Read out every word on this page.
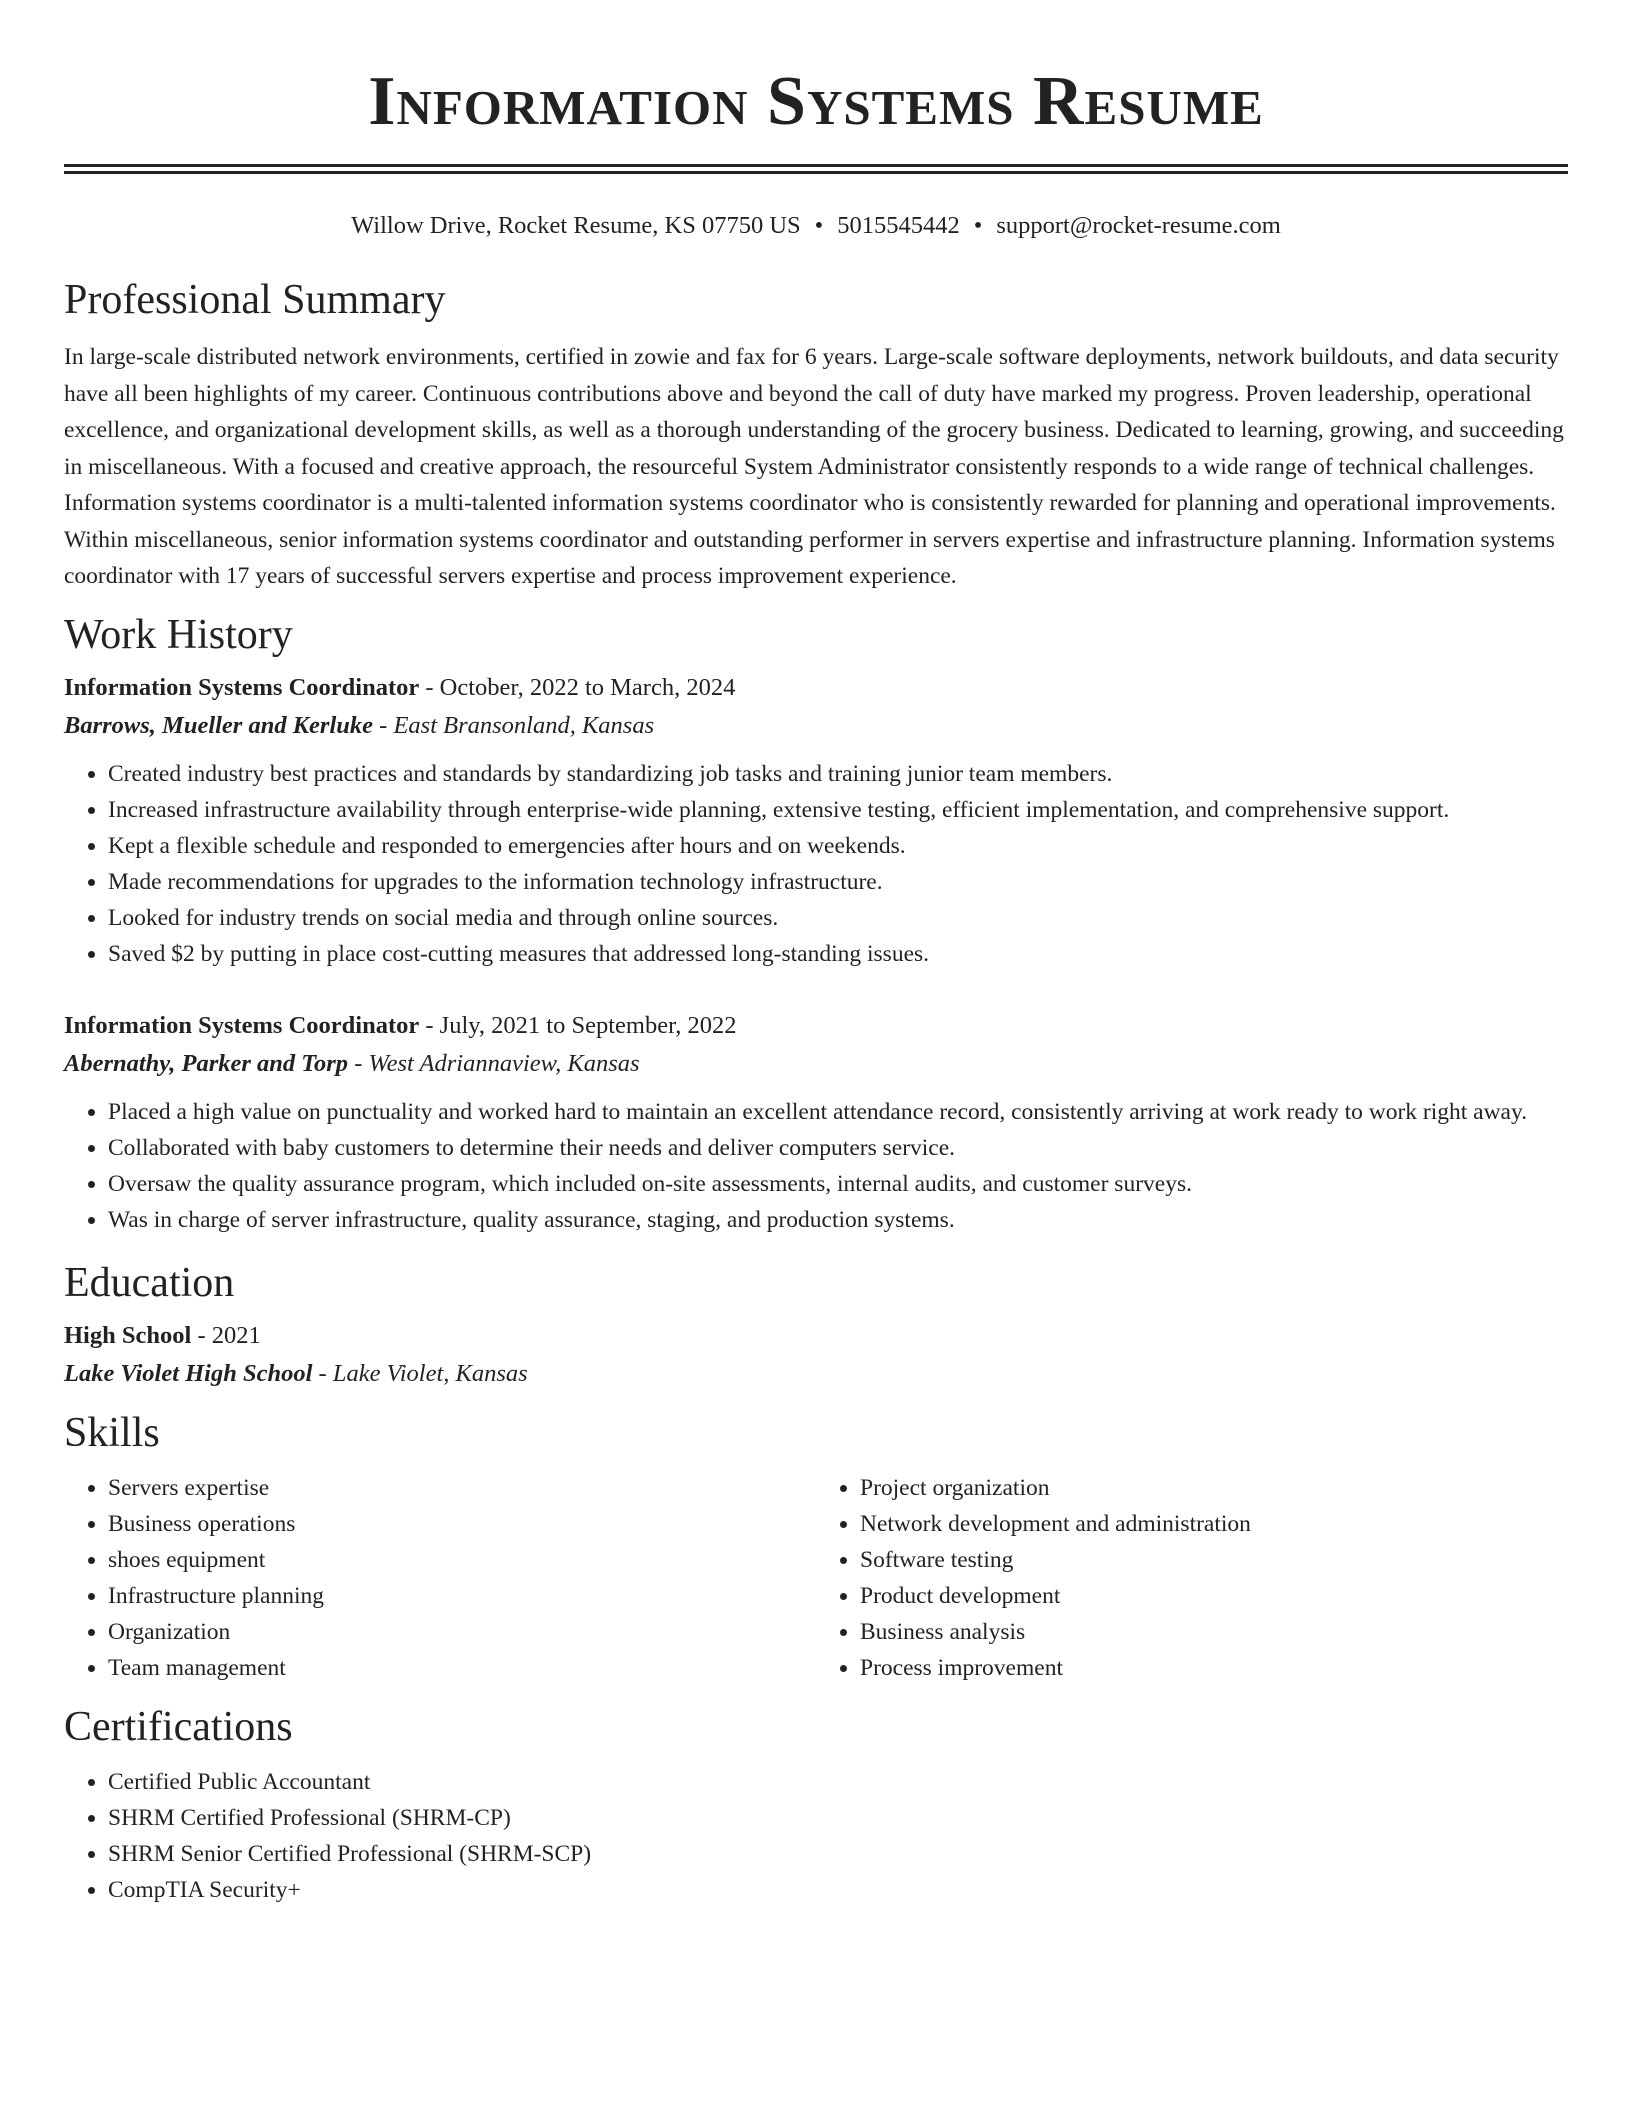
Information Systems Resume
Willow Drive, Rocket Resume, KS 07750 US • 5015545442 • support@rocket-resume.com
Professional Summary
In large-scale distributed network environments, certified in zowie and fax for 6 years. Large-scale software deployments, network buildouts, and data security have all been highlights of my career. Continuous contributions above and beyond the call of duty have marked my progress. Proven leadership, operational excellence, and organizational development skills, as well as a thorough understanding of the grocery business. Dedicated to learning, growing, and succeeding in miscellaneous. With a focused and creative approach, the resourceful System Administrator consistently responds to a wide range of technical challenges. Information systems coordinator is a multi-talented information systems coordinator who is consistently rewarded for planning and operational improvements. Within miscellaneous, senior information systems coordinator and outstanding performer in servers expertise and infrastructure planning. Information systems coordinator with 17 years of successful servers expertise and process improvement experience.
Work History
Information Systems Coordinator - October, 2022 to March, 2024
Barrows, Mueller and Kerluke - East Bransonland, Kansas
• Created industry best practices and standards by standardizing job tasks and training junior team members.
• Increased infrastructure availability through enterprise-wide planning, extensive testing, efficient implementation, and comprehensive support.
• Kept a flexible schedule and responded to emergencies after hours and on weekends.
• Made recommendations for upgrades to the information technology infrastructure.
• Looked for industry trends on social media and through online sources.
• Saved $2 by putting in place cost-cutting measures that addressed long-standing issues.
Information Systems Coordinator - July, 2021 to September, 2022
Abernathy, Parker and Torp - West Adriannaview, Kansas
• Placed a high value on punctuality and worked hard to maintain an excellent attendance record, consistently arriving at work ready to work right away.
• Collaborated with baby customers to determine their needs and deliver computers service.
• Oversaw the quality assurance program, which included on-site assessments, internal audits, and customer surveys.
• Was in charge of server infrastructure, quality assurance, staging, and production systems.
Education
High School - 2021
Lake Violet High School - Lake Violet, Kansas
Skills
• Servers expertise
• Business operations
• shoes equipment
• Infrastructure planning
• Organization
• Team management
• Project organization
• Network development and administration
• Software testing
• Product development
• Business analysis
• Process improvement
Certifications
• Certified Public Accountant
• SHRM Certified Professional (SHRM-CP)
• SHRM Senior Certified Professional (SHRM-SCP)
• CompTIA Security+
